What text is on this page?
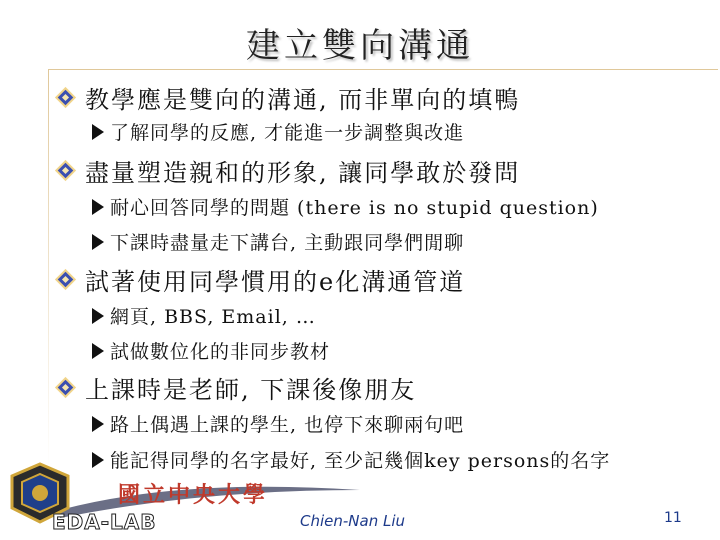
建立雙向溝通
教學應是雙向的溝通, 而非單向的填鴨
了解同學的反應, 才能進一步調整與改進
盡量塑造親和的形象, 讓同學敢於發問
耐心回答同學的問題 (there is no stupid question)
下課時盡量走下講台, 主動跟同學們閒聊
試著使用同學慣用的e化溝通管道
網頁, BBS, Email, …
試做數位化的非同步教材
上課時是老師, 下課後像朋友
路上偶遇上課的學生, 也停下來聊兩句吧
能記得同學的名字最好, 至少記幾個key persons的名字
國立中央大學
EDA-LAB	Chien-Nan Liu	11
